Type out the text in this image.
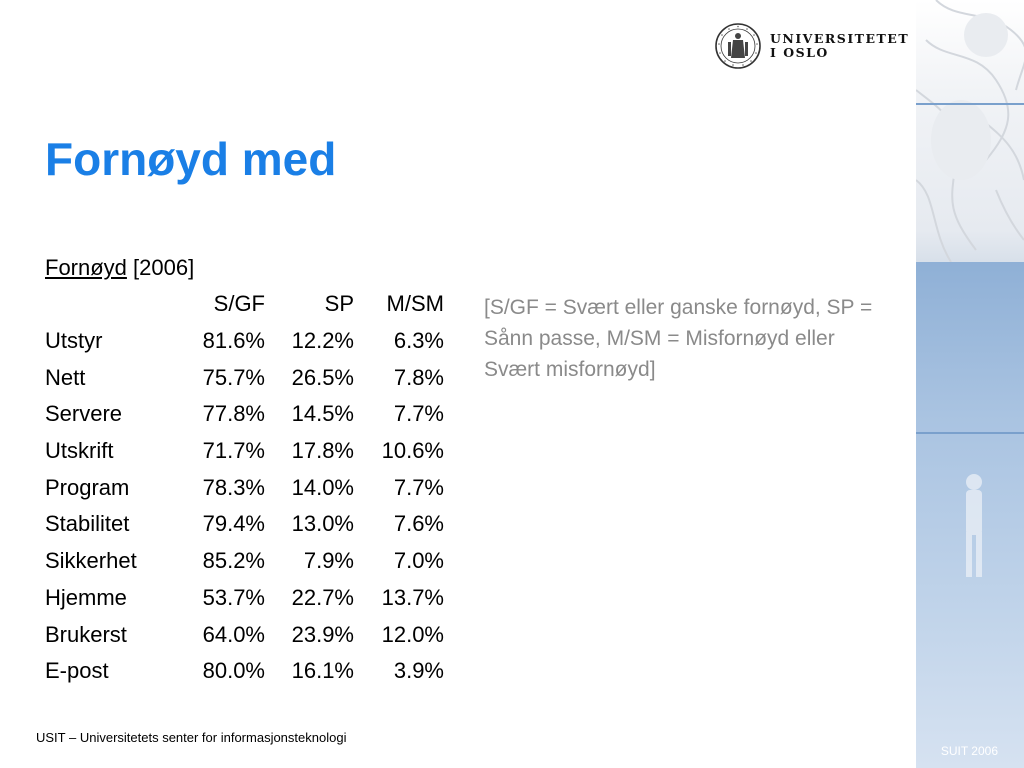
SUIT 2006
UNIVERSITETET
I OSLO
Fornøyd med
Fornøyd [2006]
	S/GF	SP	M/SM
Utstyr	81.6%	12.2%	6.3%
Nett	75.7%	26.5%	7.8%
Servere	77.8%	14.5%	7.7%
Utskrift	71.7%	17.8%	10.6%
Program	78.3%	14.0%	7.7%
Stabilitet	79.4%	13.0%	7.6%
Sikkerhet	85.2%	7.9%	7.0%
Hjemme	53.7%	22.7%	13.7%
Brukerst	64.0%	23.9%	12.0%
E-post	80.0%	16.1%	3.9%
[S/GF = Svært eller ganske fornøyd, SP = Sånn passe, M/SM = Misfornøyd eller Svært misfornøyd]
USIT – Universitetets senter for informasjonsteknologi
